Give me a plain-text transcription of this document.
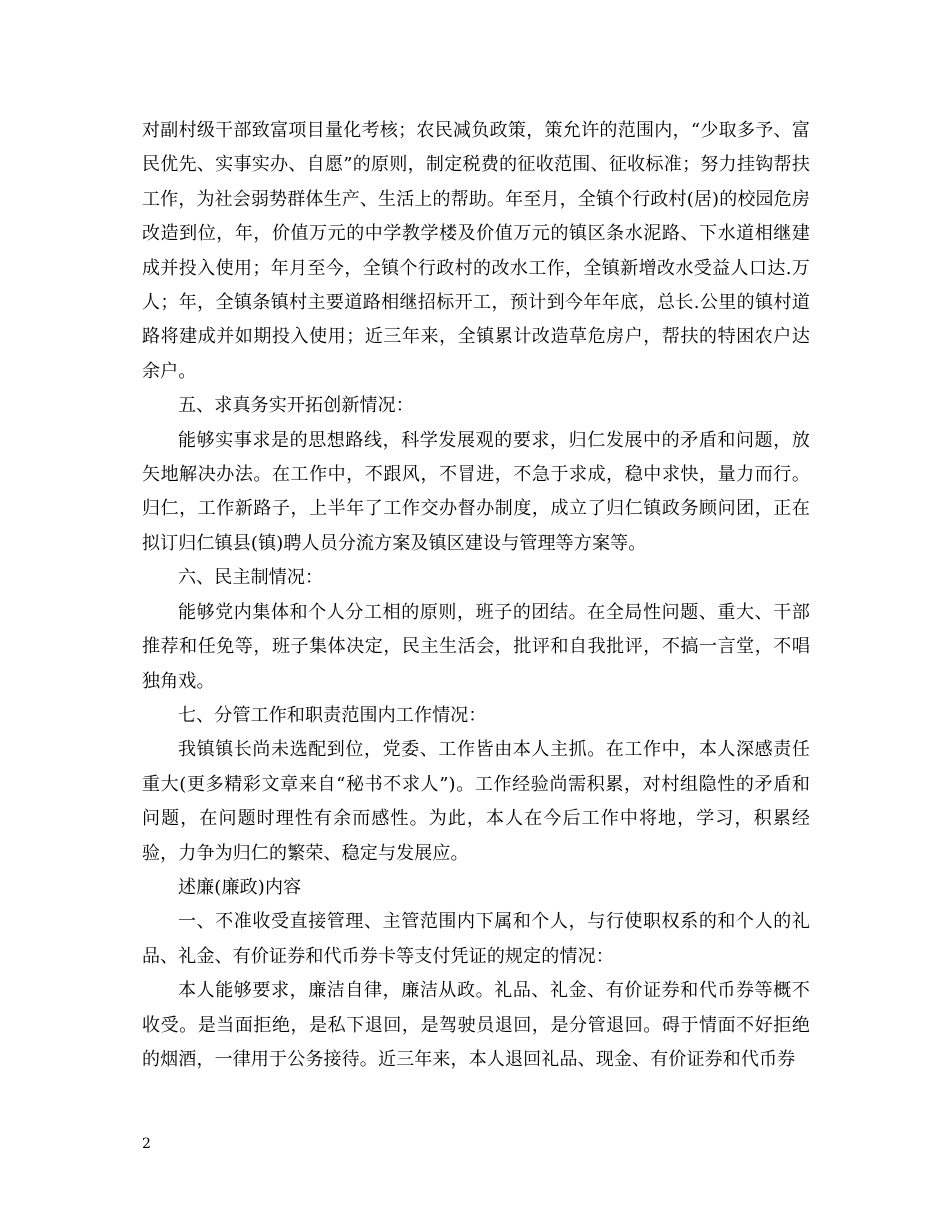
对副村级干部致富项目量化考核；农民减负政策，策允许的范围内，“少取多予、富民优先、实事实办、自愿”的原则，制定税费的征收范围、征收标准；努力挂钩帮扶工作，为社会弱势群体生产、生活上的帮助。年至月，全镇个行政村(居)的校园危房改造到位，年，价值万元的中学教学楼及价值万元的镇区条水泥路、下水道相继建成并投入使用；年月至今，全镇个行政村的改水工作，全镇新增改水受益人口达.万人；年，全镇条镇村主要道路相继招标开工，预计到今年年底，总长.公里的镇村道路将建成并如期投入使用；近三年来，全镇累计改造草危房户，帮扶的特困农户达余户。

五、求真务实开拓创新情况：

能够实事求是的思想路线，科学发展观的要求，归仁发展中的矛盾和问题，放矢地解决办法。在工作中，不跟风，不冒进，不急于求成，稳中求快，量力而行。归仁，工作新路子，上半年了工作交办督办制度，成立了归仁镇政务顾问团，正在拟订归仁镇县(镇)聘人员分流方案及镇区建设与管理等方案等。

六、民主制情况：

能够党内集体和个人分工相的原则，班子的团结。在全局性问题、重大、干部推荐和任免等，班子集体决定，民主生活会，批评和自我批评，不搞一言堂，不唱独角戏。

七、分管工作和职责范围内工作情况：

我镇镇长尚未选配到位，党委、工作皆由本人主抓。在工作中，本人深感责任重大(更多精彩文章来自“秘书不求人”)。工作经验尚需积累，对村组隐性的矛盾和问题，在问题时理性有余而感性。为此，本人在今后工作中将地，学习，积累经验，力争为归仁的繁荣、稳定与发展应。

述廉(廉政)内容

一、不准收受直接管理、主管范围内下属和个人，与行使职权系的和个人的礼品、礼金、有价证券和代币券卡等支付凭证的规定的情况：

本人能够要求，廉洁自律，廉洁从政。礼品、礼金、有价证券和代币券等概不收受。是当面拒绝，是私下退回，是驾驶员退回，是分管退回。碍于情面不好拒绝的烟酒，一律用于公务接待。近三年来，本人退回礼品、现金、有价证券和代币券

2
